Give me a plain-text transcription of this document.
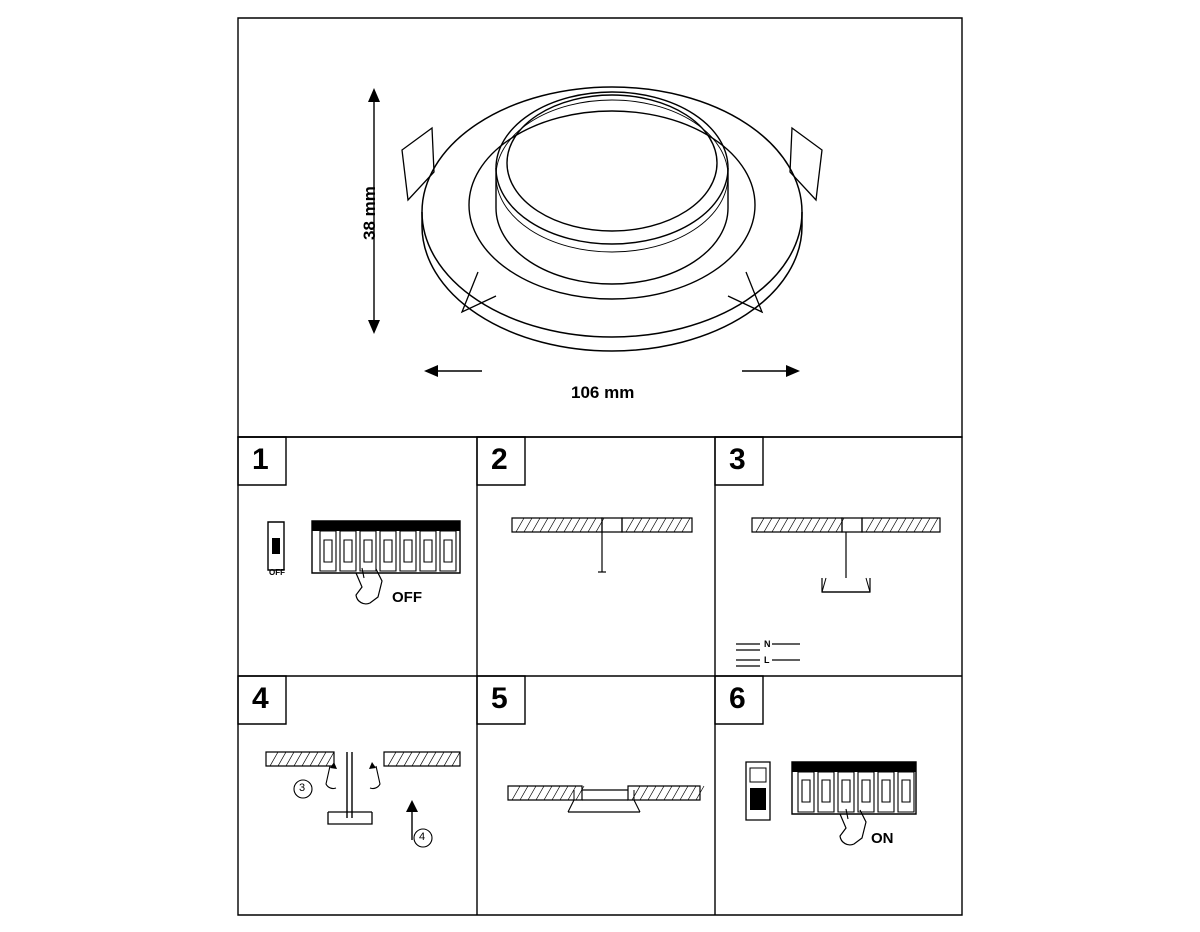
38 mm
106 mm
1	2	3
4	5	6
OFF
OFF
N
L
3
4	ON
